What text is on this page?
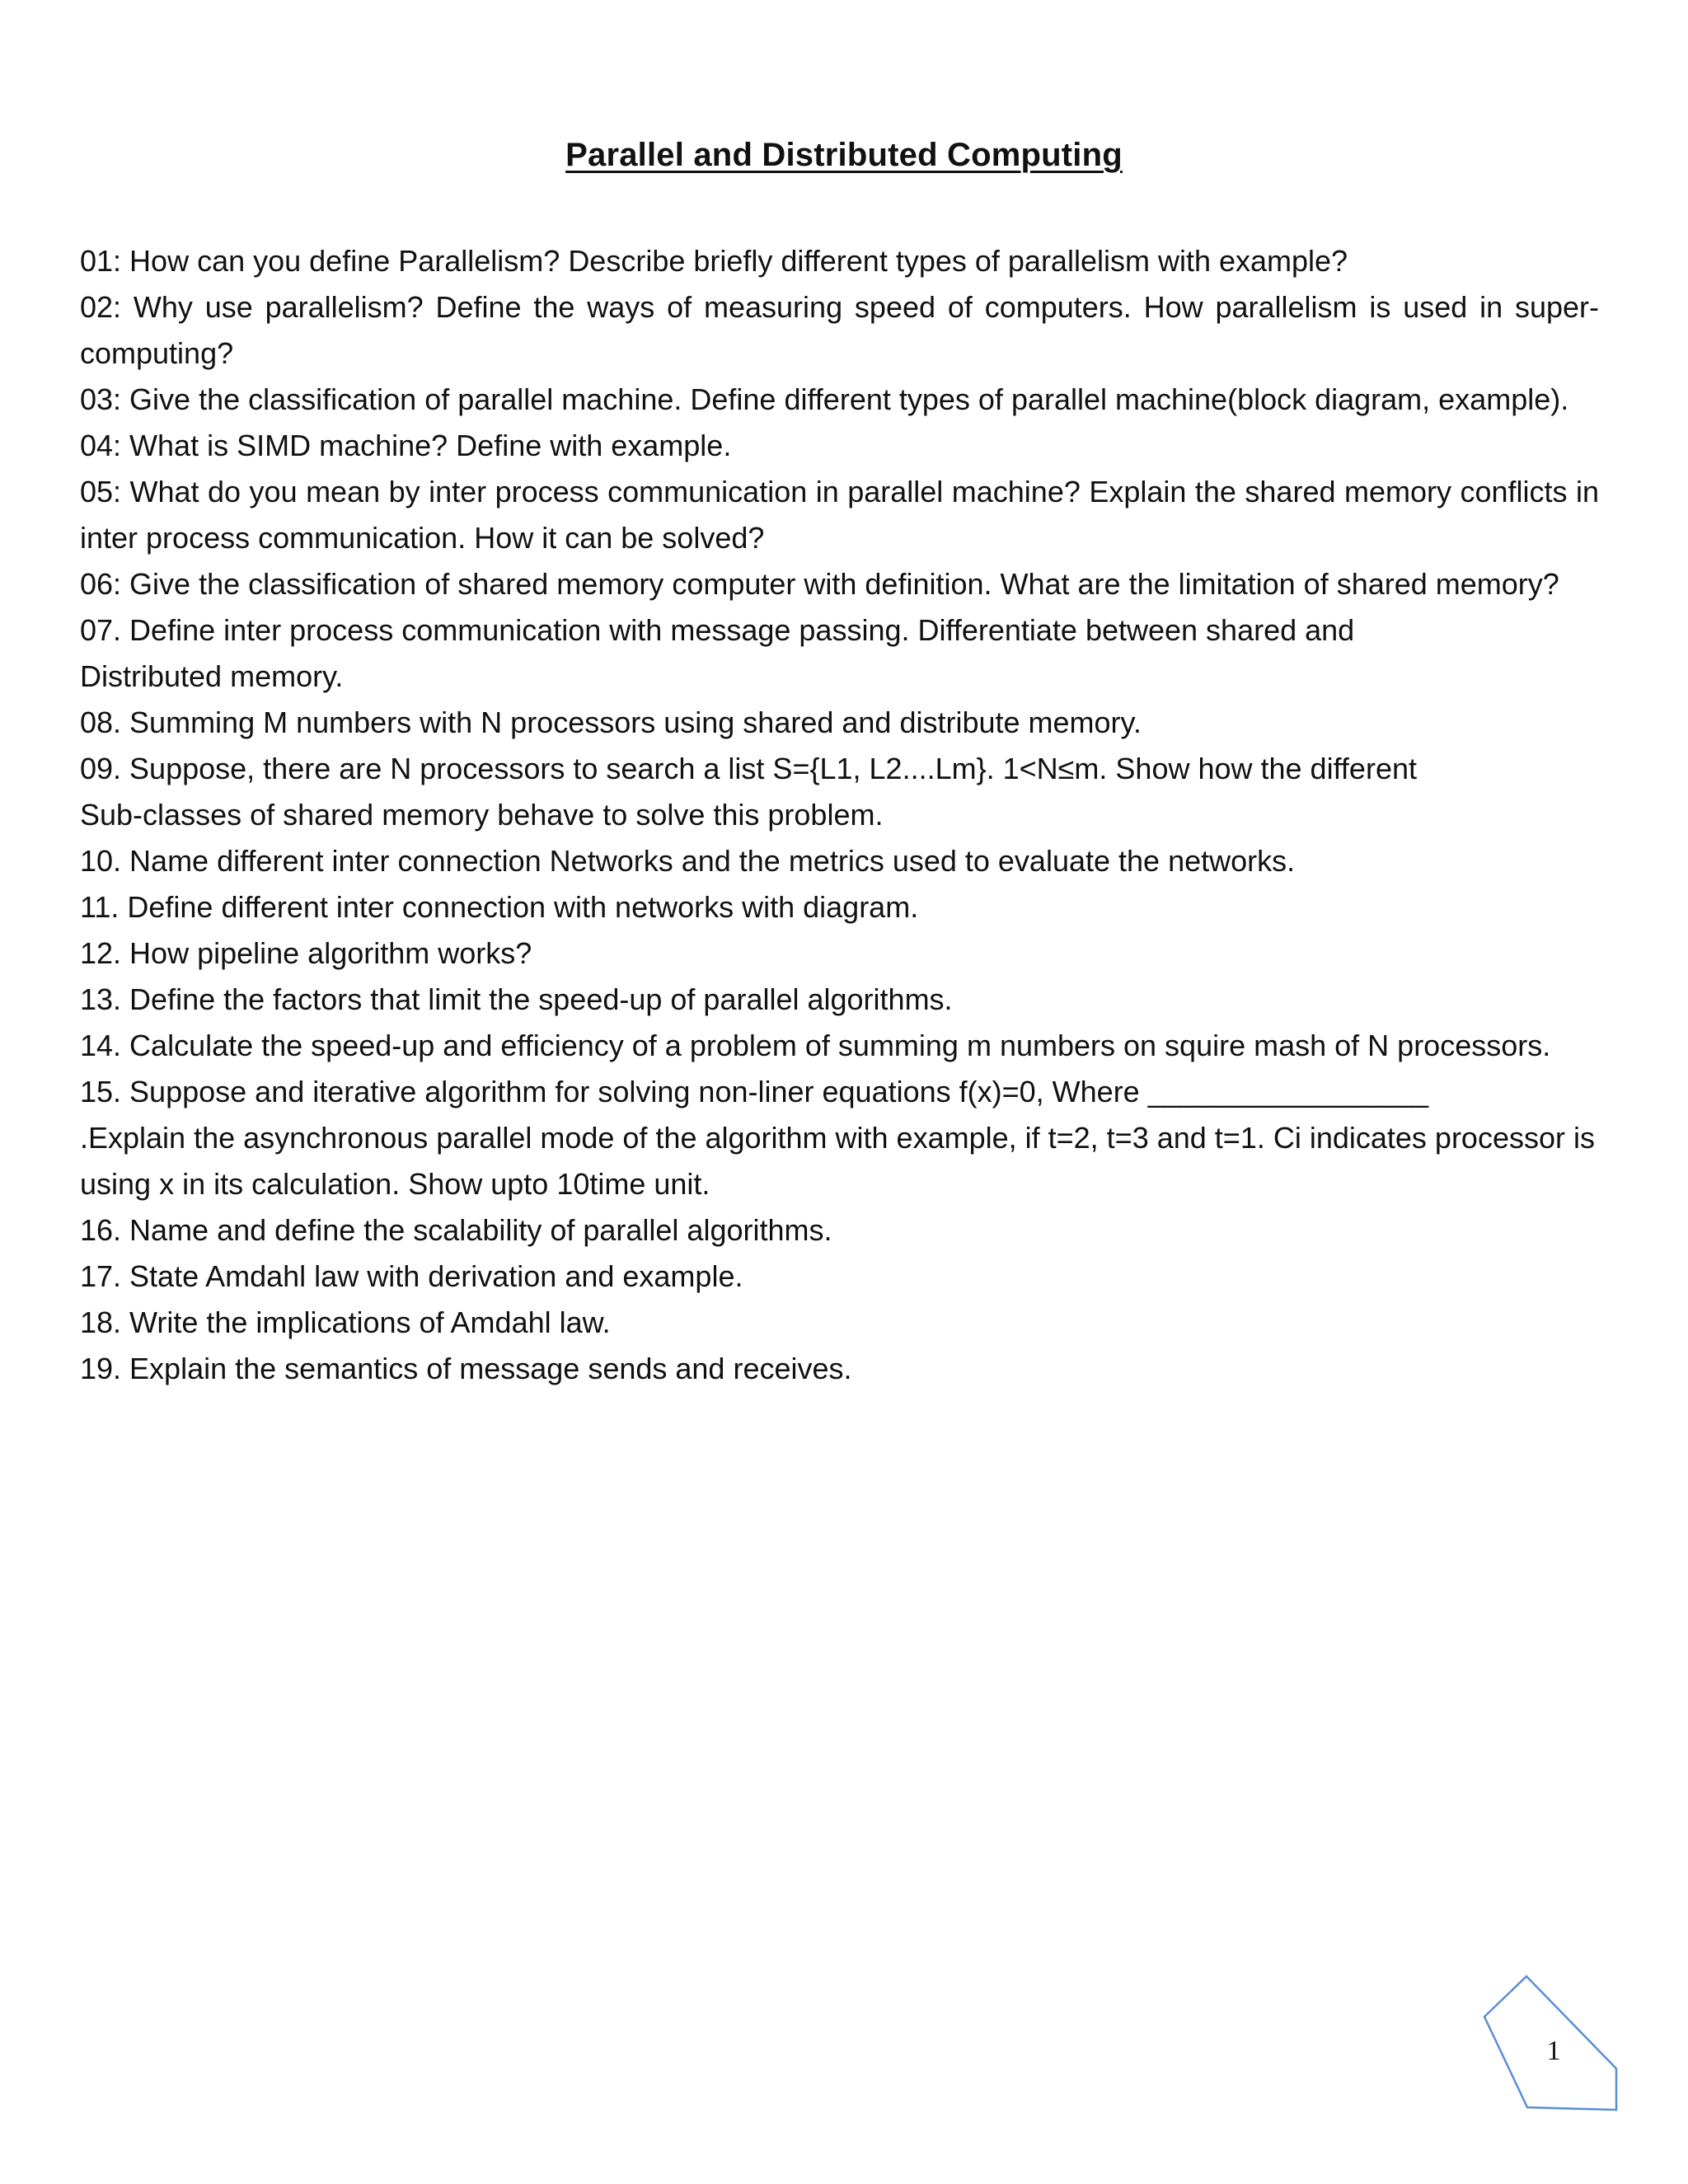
Parallel and Distributed Computing

01: How can you define Parallelism? Describe briefly different types of parallelism with example?

02: Why use parallelism? Define the ways of measuring speed of computers. How parallelism is used in super-computing?

03: Give the classification of parallel machine. Define different types of parallel machine(block diagram, example).

04: What is SIMD machine? Define with example.

05: What do you mean by inter process communication in parallel machine? Explain the shared memory conflicts in inter process communication. How it can be solved?

06: Give the classification of shared memory computer with definition. What are the limitation of shared memory?

07. Define inter process communication with message passing. Differentiate between shared and

Distributed memory.

08. Summing M numbers with N processors using shared and distribute memory.

09. Suppose, there are N processors to search a list S={L1, L2....Lm}. 1<N≤m. Show how the different

Sub-classes of shared memory behave to solve this problem.

10. Name different inter connection Networks and the metrics used to evaluate the networks.

11. Define different inter connection with networks with diagram.

12. How pipeline algorithm works?

13. Define the factors that limit the speed-up of parallel algorithms.

14. Calculate the speed-up and efficiency of a problem of summing m numbers on squire mash of N processors.

15. Suppose and iterative algorithm for solving non-liner equations f(x)=0, Where _________________

.Explain the asynchronous parallel mode of the algorithm with example, if t=2, t=3 and t=1. Ci indicates processor is using x in its calculation. Show upto 10time unit.

16. Name and define the scalability of parallel algorithms.

17. State Amdahl law with derivation and example.

18. Write the implications of Amdahl law.

19. Explain the semantics of message sends and receives.

1
